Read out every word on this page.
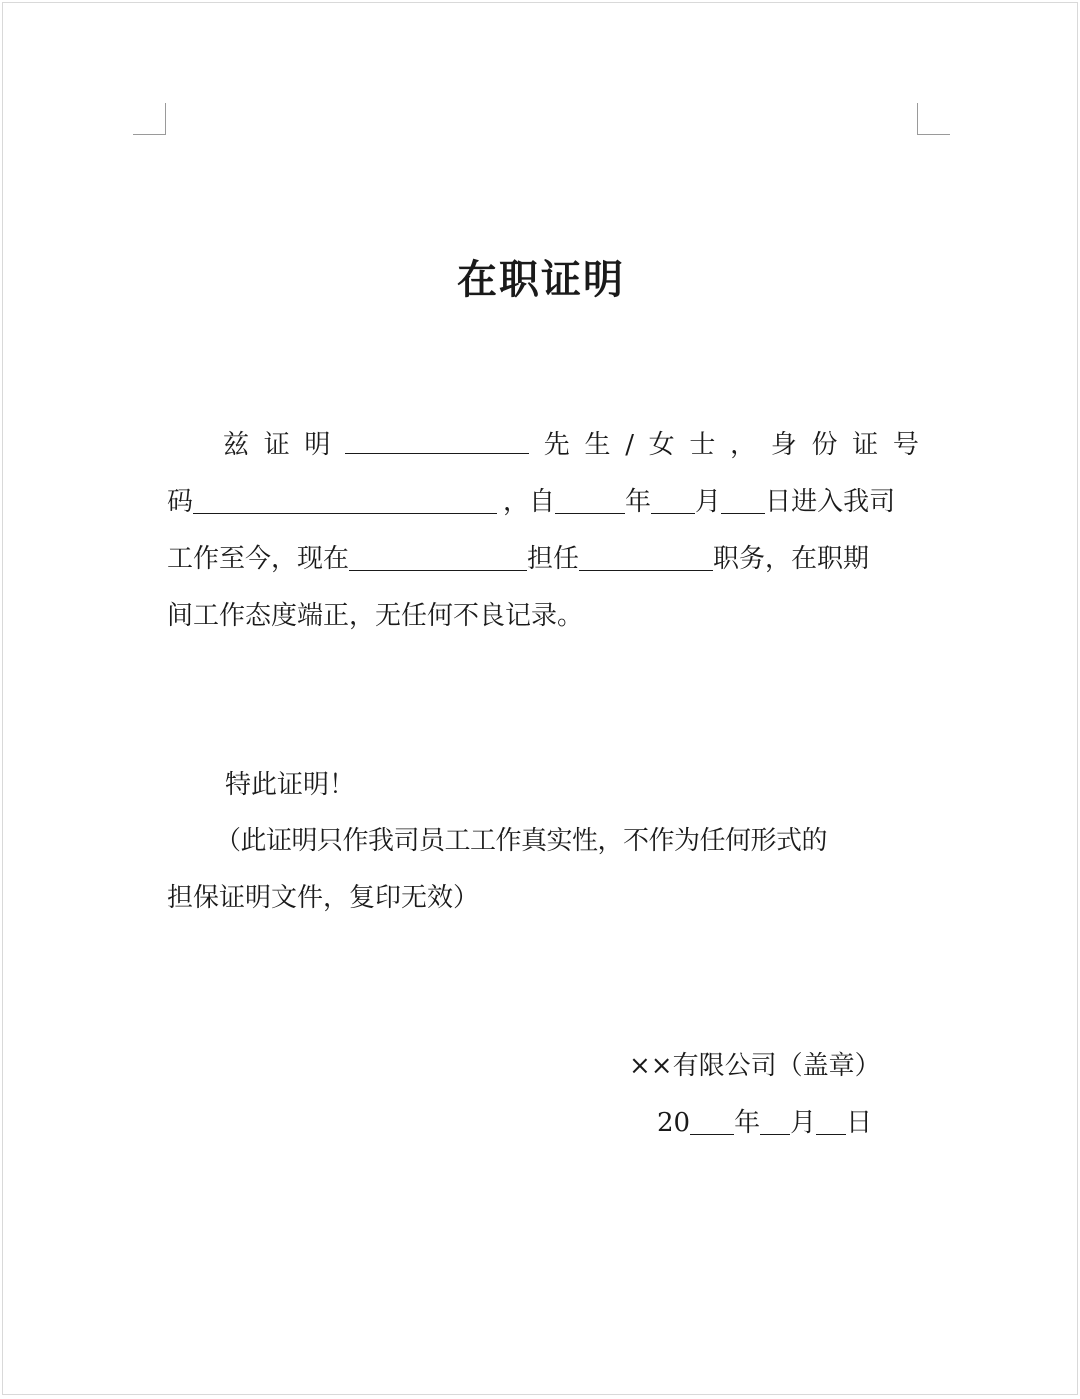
在职证明
兹 证 明	先 生 / 女 士 ， 身 份 证 号
码	，自	年 月 日进入我司
工作至今，现在	担任	职务，在职期
间工作态度端正，无任何不良记录。
特此证明！
（此证明只作我司员工工作真实性，不作为任何形式的
担保证明文件，复印无效）
××有限公司（盖章）
20 年 月 日
